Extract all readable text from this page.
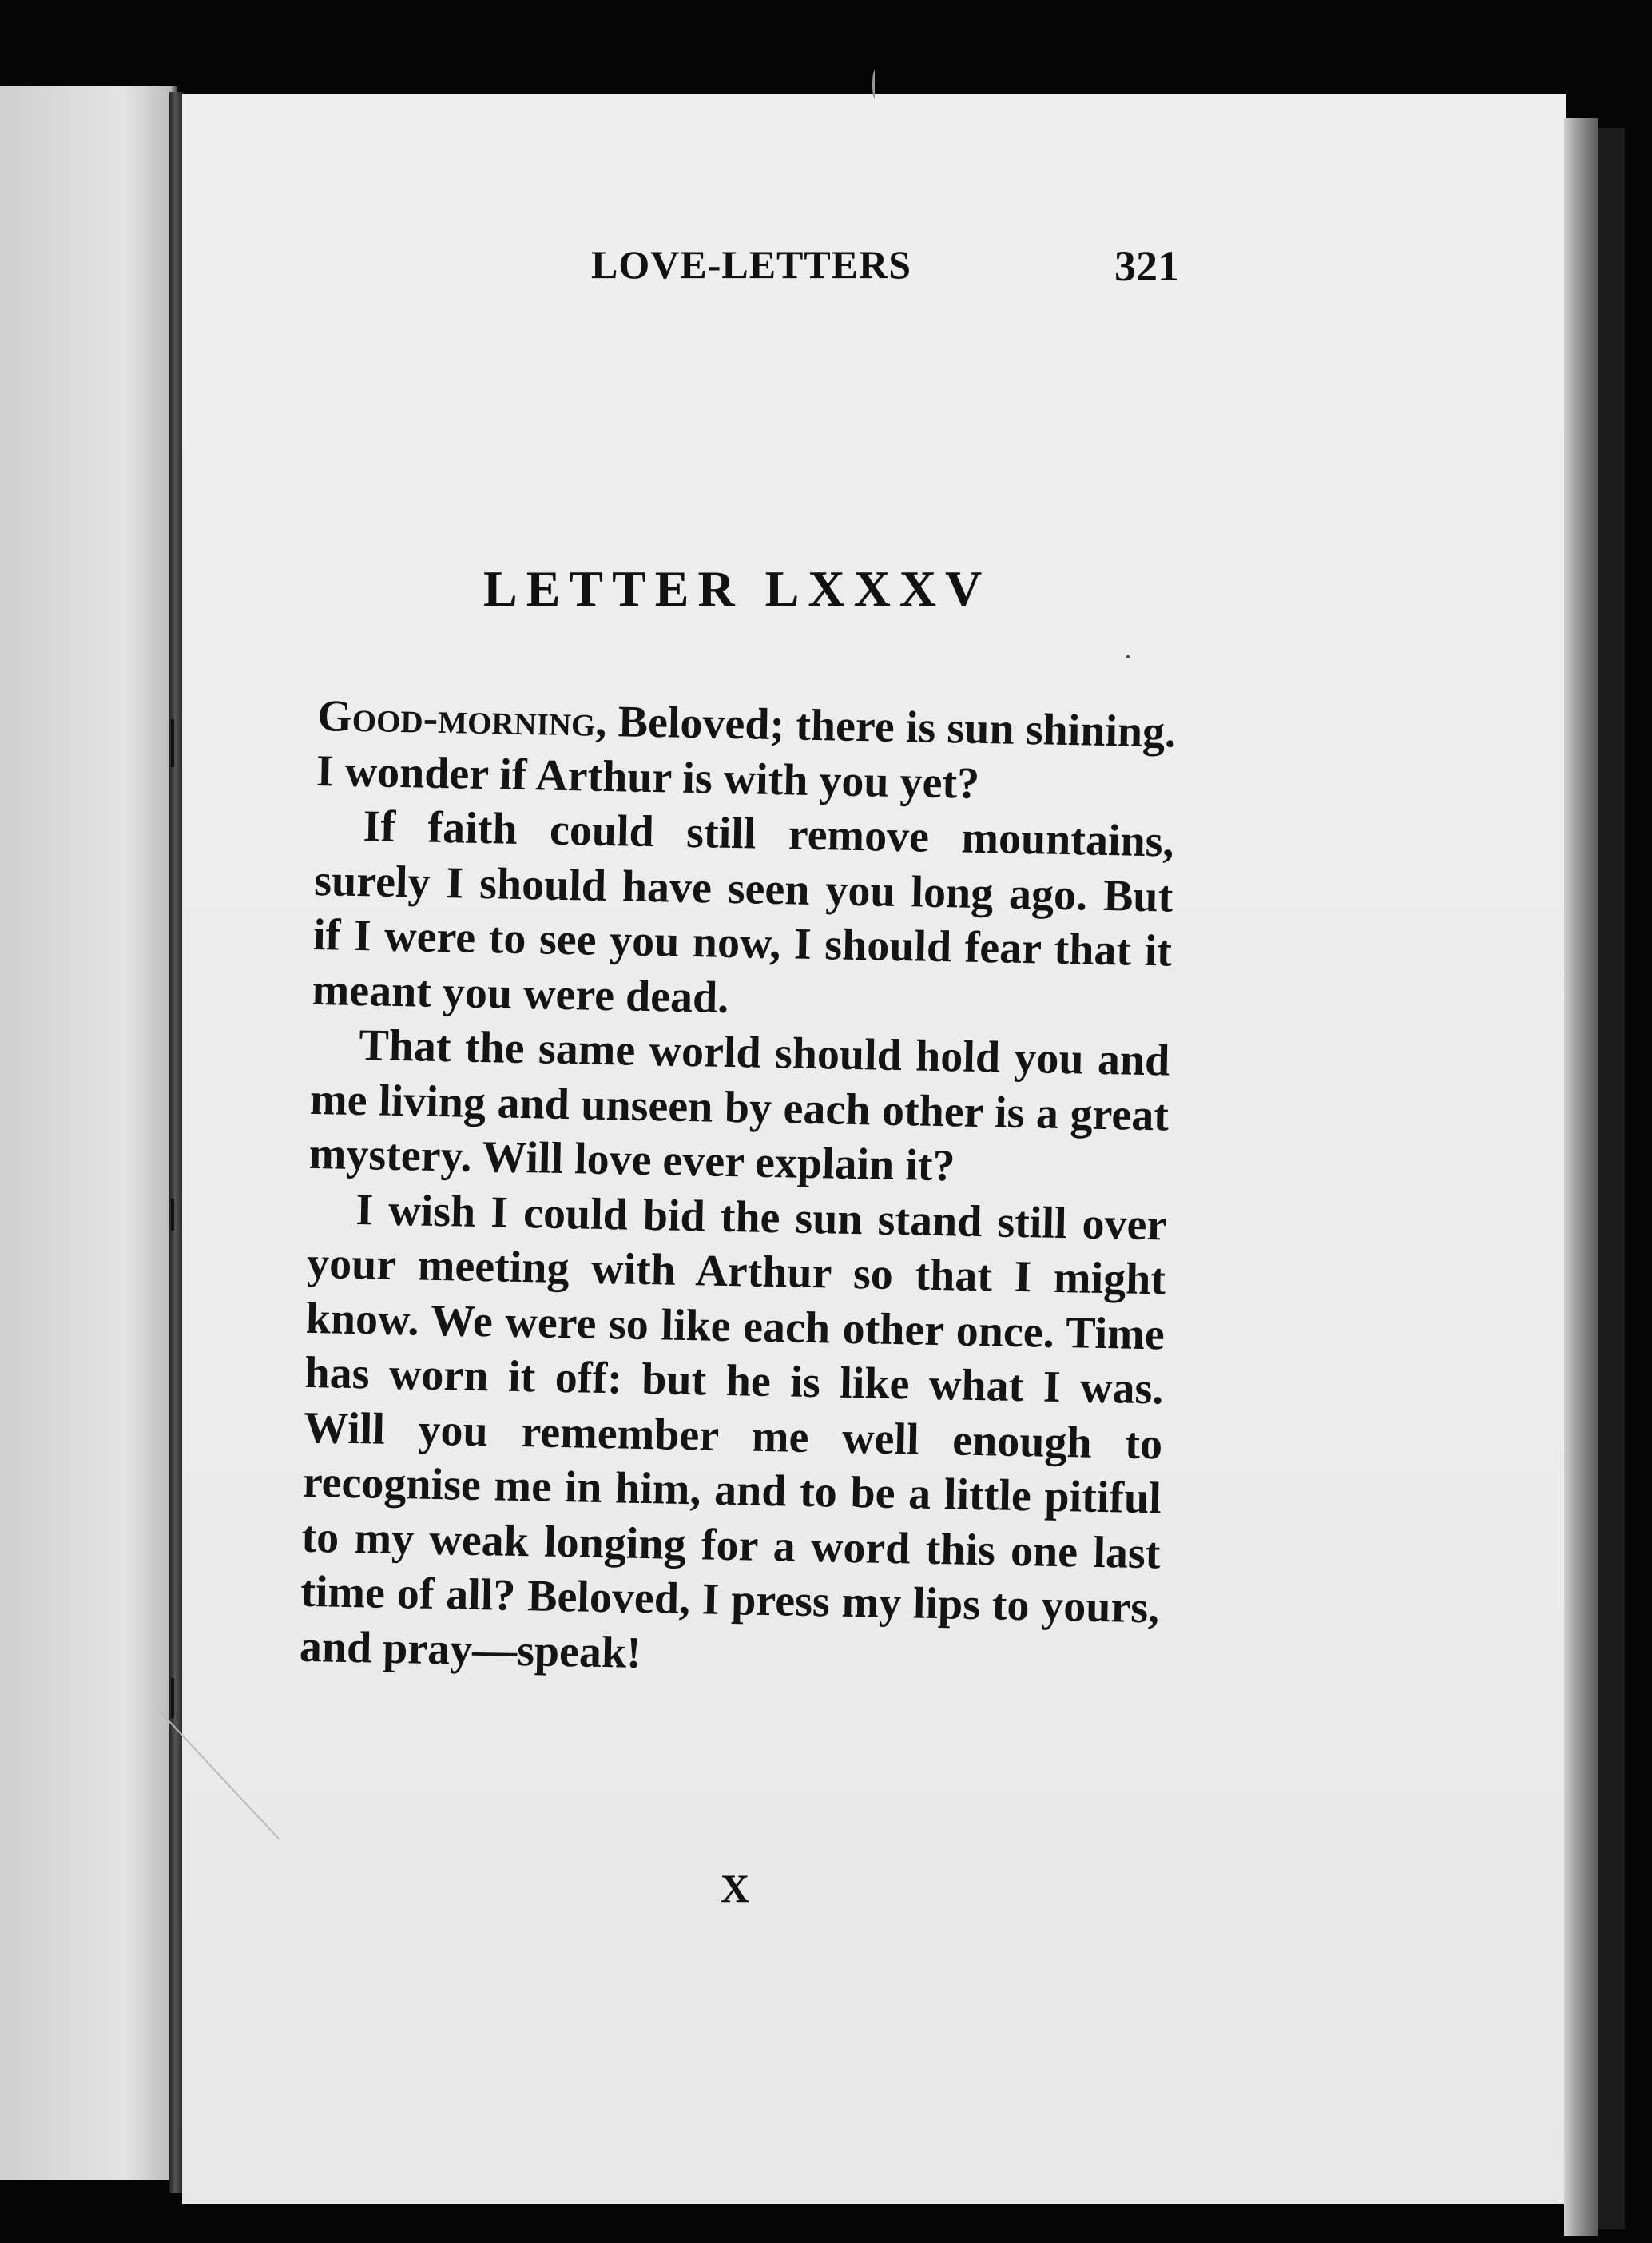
LOVE-LETTERS	321
LETTER LXXXV

Good-morning, Beloved; there is sun shining. I wonder if Arthur is with you yet?

If faith could still remove mountains, surely I should have seen you long ago. But if I were to see you now, I should fear that it meant you were dead.

That the same world should hold you and me living and unseen by each other is a great mystery. Will love ever explain it?

I wish I could bid the sun stand still over your meeting with Arthur so that I might know. We were so like each other once. Time has worn it off: but he is like what I was. Will you remember me well enough to recognise me in him, and to be a little pitiful to my weak longing for a word this one last time of all? Beloved, I press my lips to yours, and pray—speak!

X
